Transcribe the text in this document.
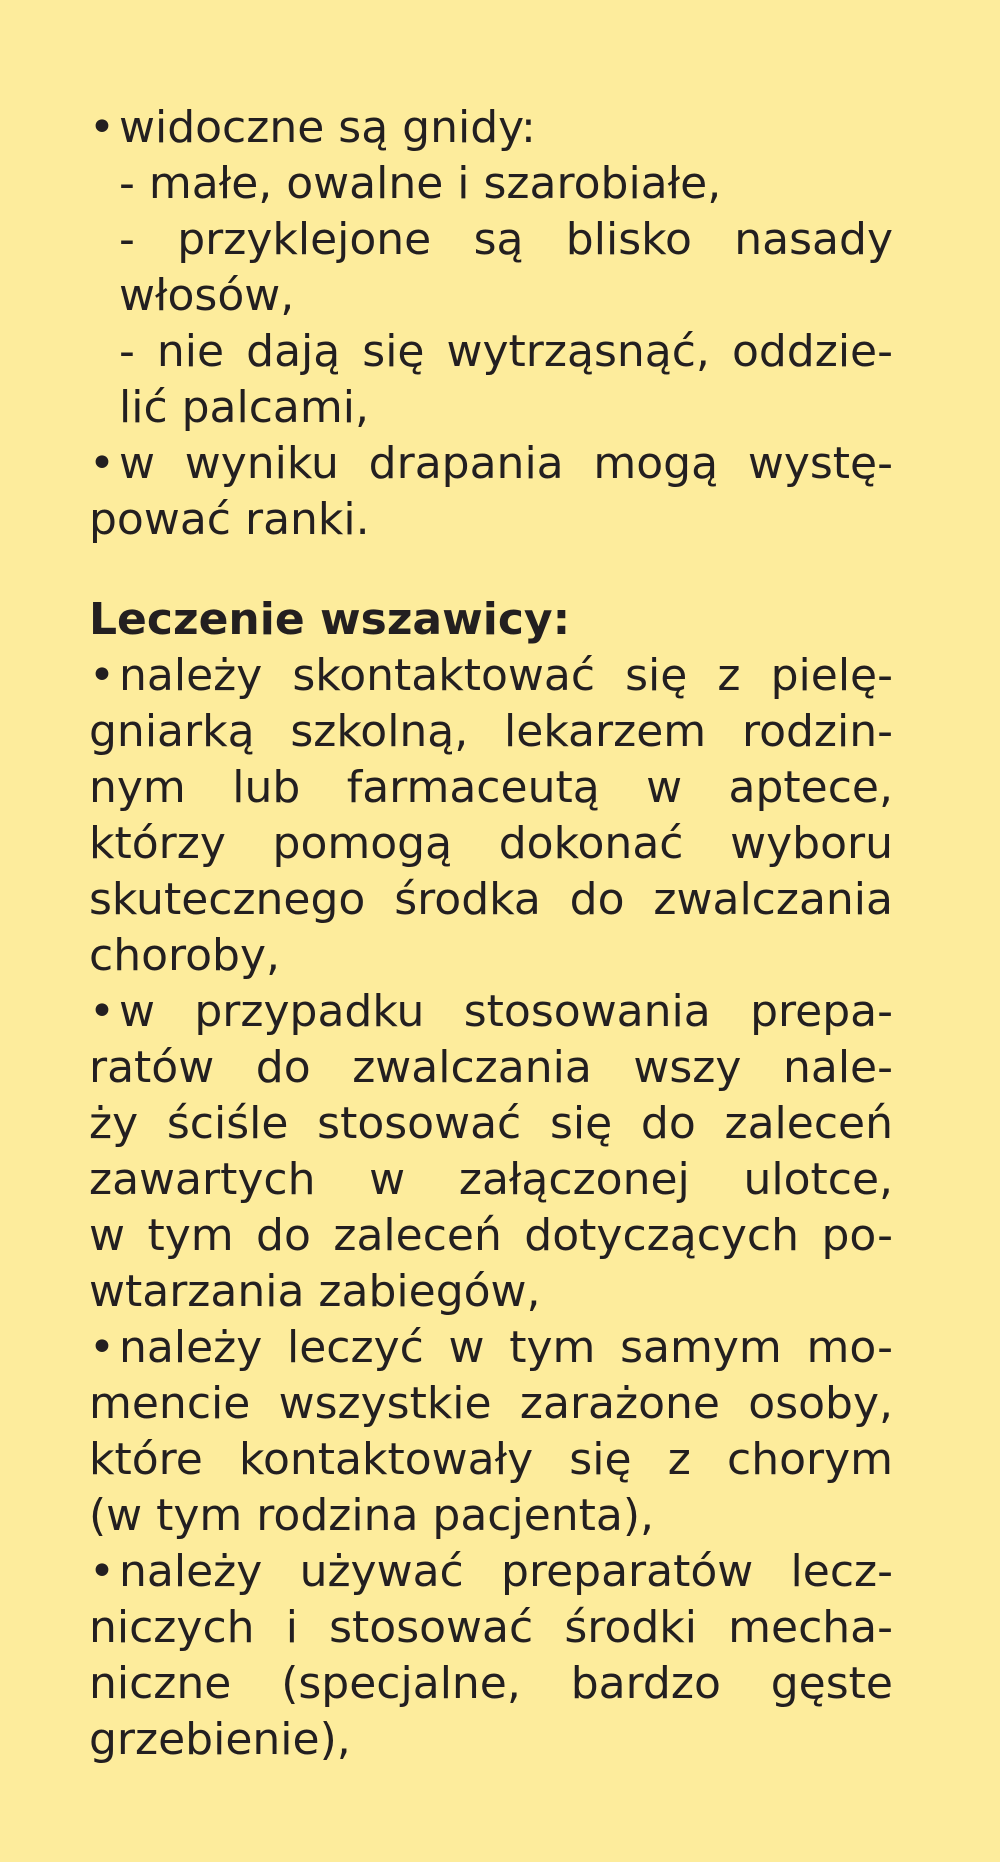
•widoczne są gnidy:
- małe, owalne i szarobiałe,
- przyklejone są blisko nasady
włosów,
- nie dają się wytrząsnąć, oddzie-
lić palcami,
•w wyniku drapania mogą wystę-
pować ranki.
Leczenie wszawicy:
•należy skontaktować się z pielę-
gniarką szkolną, lekarzem rodzin-
nym lub farmaceutą w aptece,
którzy pomogą dokonać wyboru
skutecznego środka do zwalczania
choroby,
•w przypadku stosowania prepa-
ratów do zwalczania wszy nale-
ży ściśle stosować się do zaleceń
zawartych w załączonej ulotce,
w tym do zaleceń dotyczących po-
wtarzania zabiegów,
•należy leczyć w tym samym mo-
mencie wszystkie zarażone osoby,
które kontaktowały się z chorym
(w tym rodzina pacjenta),
•należy używać preparatów lecz-
niczych i stosować środki mecha-
niczne (specjalne, bardzo gęste
grzebienie),
